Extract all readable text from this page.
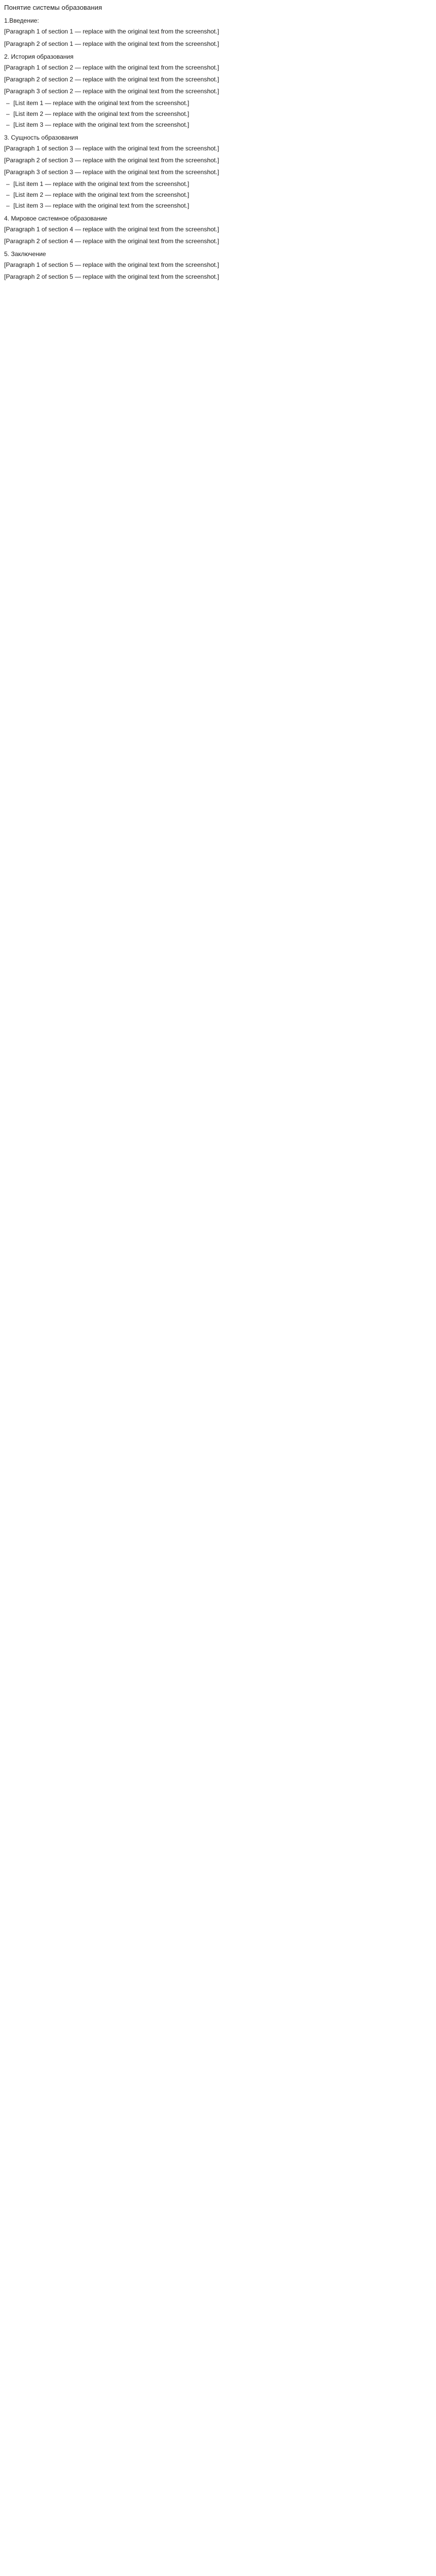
Понятие системы образования
1.Введение:

[Paragraph 1 of section 1 — replace with the original text from the screenshot.]

[Paragraph 2 of section 1 — replace with the original text from the screenshot.]

2. История образования

[Paragraph 1 of section 2 — replace with the original text from the screenshot.]

[Paragraph 2 of section 2 — replace with the original text from the screenshot.]

[Paragraph 3 of section 2 — replace with the original text from the screenshot.]

– [List item 1 — replace with the original text from the screenshot.]
– [List item 2 — replace with the original text from the screenshot.]
– [List item 3 — replace with the original text from the screenshot.]
3. Сущность образования

[Paragraph 1 of section 3 — replace with the original text from the screenshot.]

[Paragraph 2 of section 3 — replace with the original text from the screenshot.]

[Paragraph 3 of section 3 — replace with the original text from the screenshot.]

– [List item 1 — replace with the original text from the screenshot.]
– [List item 2 — replace with the original text from the screenshot.]
– [List item 3 — replace with the original text from the screenshot.]
4. Мировое системное образование

[Paragraph 1 of section 4 — replace with the original text from the screenshot.]

[Paragraph 2 of section 4 — replace with the original text from the screenshot.]

5. Заключение

[Paragraph 1 of section 5 — replace with the original text from the screenshot.]

[Paragraph 2 of section 5 — replace with the original text from the screenshot.]
